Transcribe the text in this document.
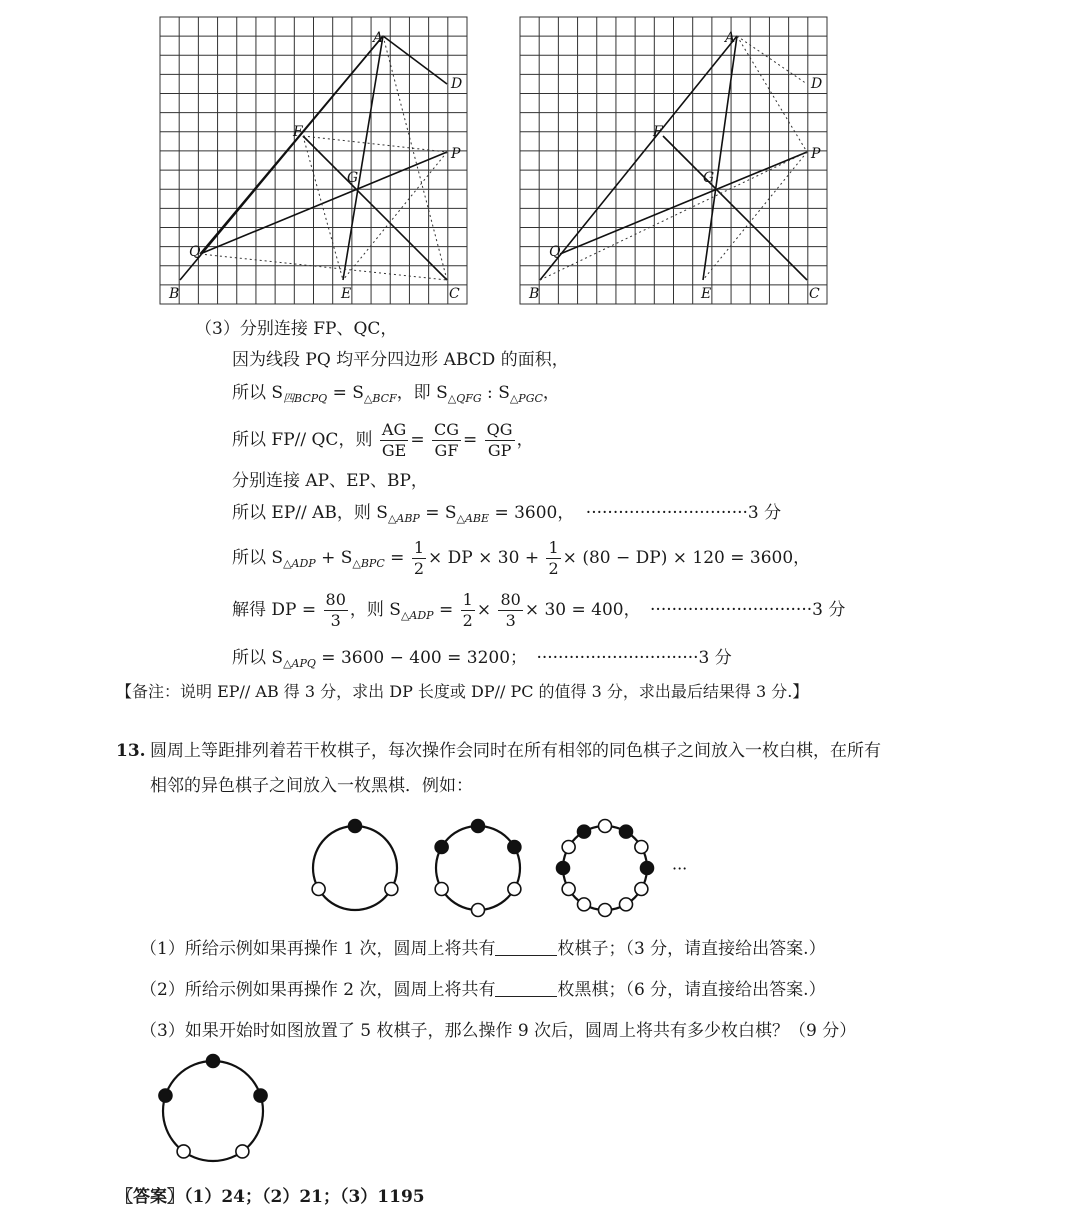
A
D
F
P
G
Q
B	E	C
A
D
F
P
G
Q
B	E	C
（3）分别连接 FP、QC，
因为线段 PQ 均平分四边形 ABCD 的面积，
所以 $S_{四BCPQ} = S_{\triangle BCF}$，即 $S_{\triangle QFG}$ : $S_{\triangle PGC}$，
所以 FP// QC，则 $\frac{AG}{GE} = \frac{CG}{GF} = \frac{QG}{GP}$ ，
分别连接 AP、EP、BP，
所以 EP// AB，则 $S_{\triangle ABP} = S_{\triangle ABE} = 3600$， ······························3 分
所以 $S_{\triangle ADP} + S_{\triangle BPC} = \frac{1}{2}$ × DP × $30 + \frac{1}{2} \times (80 - DP) \times 120 = 3600$，
解得 DP = $\frac{80}{3}$ ，则 $S_{\triangle ADP} = \frac{1}{2} \times \frac{80}{3} \times 30 = 400$， ······························3 分
所以 $S_{\triangle APQ} = 3600 - 400 = 3200$； ······························3 分
【备注：说明 EP// AB 得 3 分，求出 DP 长度或 DP// PC 的值得 3 分，求出最后结果得 3 分.】
13. 圆周上等距排列着若干枚棋子，每次操作会同时在所有相邻的同色棋子之间放入一枚白棋，在所有
相邻的异色棋子之间放入一枚黑棋．例如：
···
（1）所给示例如果再操作 1 次，圆周上将共有	枚棋子；（3 分，请直接给出答案.）
（2）所给示例如果再操作 2 次，圆周上将共有	枚黑棋；（6 分，请直接给出答案.）
（3）如果开始时如图放置了 5 枚棋子，那么操作 9 次后，圆周上将共有多少枚白棋？（9 分）
〖答案〗（1）24；（2）21；（3）1195
